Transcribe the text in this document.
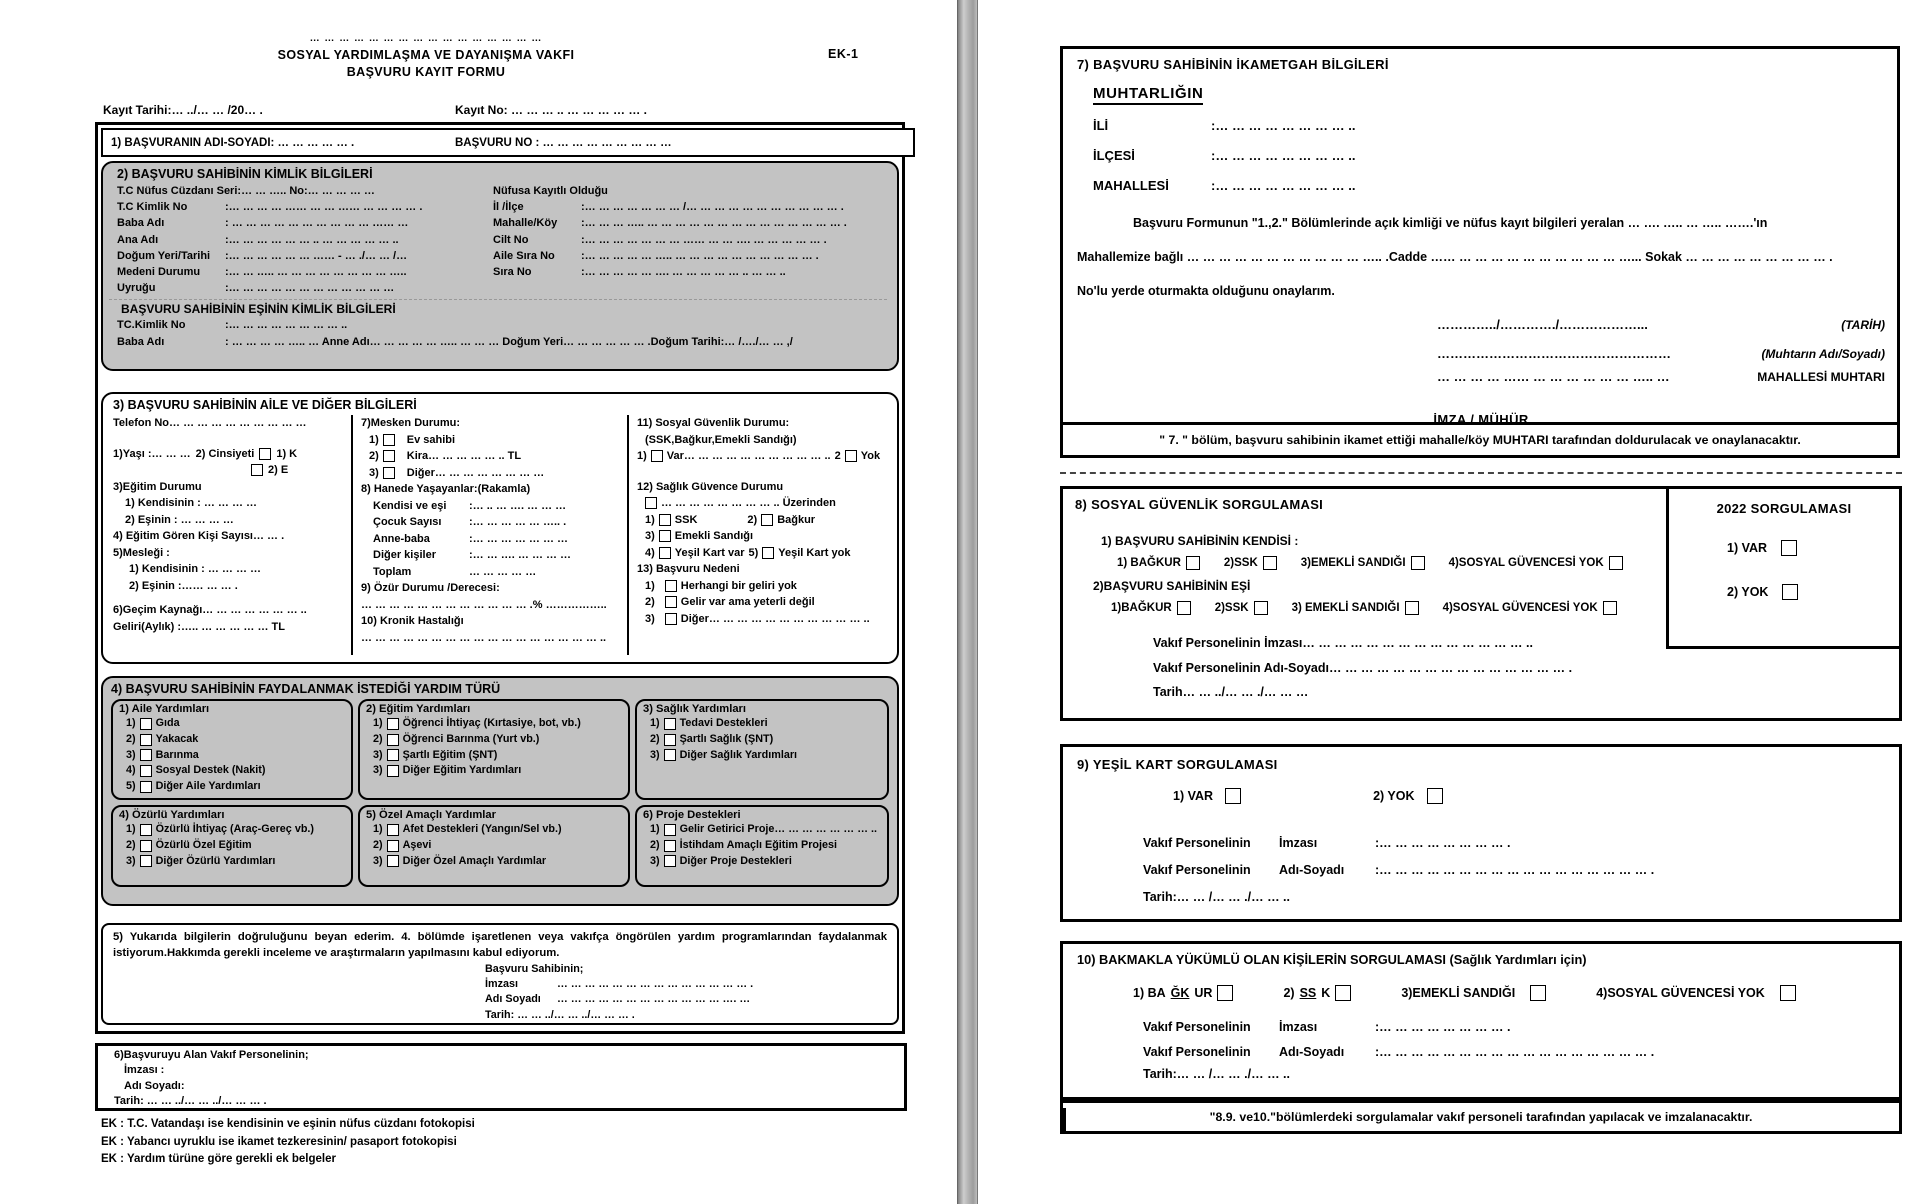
… … … … … … … … … … … … … … … …
SOSYAL YARDIMLAŞMA VE DAYANIŞMA VAKFI
BAŞVURU KAYIT FORMU
EK-1
Kayıt Tarihi:… ../… … /20… .	Kayıt No: … … … .. … … … … … .
1) BAŞVURANIN ADI-SOYADI: … … … … … .	BAŞVURU NO : … … … … … … … … …
2) BAŞVURU SAHİBİNİN KİMLİK BİLGİLERİ
T.C Nüfus Cüzdanı Seri :… … ….. No:… … … … …
T.C Kimlik No	:… … … … …… … … …… … … … … .
Baba Adı	: … … … … … … … … … … …… …
Ana Adı	:… … … … … … .. … … … … … ..
Doğum Yeri/Tarihi	:… … … … … … …… - … ./… … /…
Medeni Durumu	:… … ….. … … … … … … … … …..
Uyruğu	:… … … … … … … … … … … …
Nüfusa Kayıtlı Olduğu
İl /İlçe	:… … … … … … … /… … … … … … … … … … … .
Mahalle/Köy	:… … … ….. … … … … … … … … … … … … … … .
Cilt No	:… … … … … … … …… … … …. … … … … … .
Aile Sıra No	:… … … … … ….. … … … … … … … … … … .
Sıra No	:… … … … … …. … … … … … .. … … ..
BAŞVURU SAHİBİNİN EŞİNİN KİMLİK BİLGİLERİ
TC.Kimlik No	:… … … … … … … … ..
Baba Adı	: … … … … ….. … Anne Adı… … … … … ….. … … … Doğum Yeri… … … … … … .Doğum Tarihi:… /…./… … ,/
3) BAŞVURU SAHİBİNİN AİLE VE DİĞER BİLGİLERİ
Telefon No… … … … … … … … … …
1)Yaşı :… … … 2) Cinsiyeti 1) K
2) E
3)Eğitim Durumu
1) Kendisinin : … … … …
2) Eşinin : … … … …
4) Eğitim Gören Kişi Sayısı… … .
5)Mesleği :
1) Kendisinin : … … … …
2) Eşinin :…… … … .
6)Geçim Kaynağı… … … … … … … ..
Geliri(Aylık) :….. … … … … … TL
7)Mesken Durumu:
1)	Ev sahibi
2)	Kira… … … … … .. TL
3)	Diğer… … … … … … … …
8) Hanede Yaşayanlar:(Rakamla)
Kendisi ve eşi	:… .. … …. … … …
Çocuk Sayısı	:… … … … … ….. .
Anne-baba	:… … … … … … …
Diğer kişiler	:… … …. … … … …
Toplam	… … … … …
9) Özür Durumu /Derecesi:
… … … … … … … … … … … … .% ……………..
10) Kronik Hastalığı
… … … … … … … … … … … … … … … … … ..
11) Sosyal Güvenlik Durumu:
(SSK,Bağkur,Emekli Sandığı)
1) Var… … … … … … … … … … .. 2 Yok
12) Sağlık Güvence Durumu
… … … … … … … … .. Üzerinden
1) SSK	2) Bağkur
3) Emekli Sandığı
4) Yeşil Kart var 5) Yeşil Kart yok
13) Başvuru Nedeni
1) Herhangi bir geliri yok
2) Gelir var ama yeterli değil
3) Diğer… … … … … … … … … … … ..
4) BAŞVURU SAHİBİNİN FAYDALANMAK İSTEDİĞİ YARDIM TÜRÜ
1) Aile Yardımları
1) Gıda
2) Yakacak
3) Barınma
4) Sosyal Destek (Nakit)
5) Diğer Aile Yardımları
2) Eğitim Yardımları
1) Öğrenci İhtiyaç (Kırtasiye, bot, vb.)
2) Öğrenci Barınma (Yurt vb.)
3) Şartlı Eğitim (ŞNT)
3) Diğer Eğitim Yardımları
3) Sağlık Yardımları
1) Tedavi Destekleri
2) Şartlı Sağlık (ŞNT)
3) Diğer Sağlık Yardımları
4) Özürlü Yardımları
1) Özürlü İhtiyaç (Araç-Gereç vb.)
2) Özürlü Özel Eğitim
3) Diğer Özürlü Yardımları
5) Özel Amaçlı Yardımlar
1) Afet Destekleri (Yangın/Sel vb.)
2) Aşevi
3) Diğer Özel Amaçlı Yardımlar
6) Proje Destekleri
1) Gelir Getirici Proje… … … … … … … ..
2) İstihdam Amaçlı Eğitim Projesi
3) Diğer Proje Destekleri
5) Yukarıda bilgilerin doğruluğunu beyan ederim. 4. bölümde işaretlenen veya vakıfça öngörülen yardım programlarından faydalanmak istiyorum.Hakkımda gerekli inceleme ve araştırmaların yapılmasını kabul ediyorum.
Başvuru Sahibinin;
İmzası	… … … … … … … … … … … … … … .
Adı Soyadı	… … … … … … … … … … … … …. …
Tarih: … … ../… … ../… … … .
6)Başvuruyu Alan Vakıf Personelinin;
İmzası :
Adı Soyadı:
Tarih: … … ../… … ../… … … .
EK : T.C. Vatandaşı ise kendisinin ve eşinin nüfus cüzdanı fotokopisi
EK : Yabancı uyruklu ise ikamet tezkeresinin/ pasaport fotokopisi
EK : Yardım türüne göre gerekli ek belgeler
7) BAŞVURU SAHİBİNİN İKAMETGAH BİLGİLERİ
MUHTARLIĞIN
İLİ	:… … … … … … … … ..
İLÇESİ	:… … … … … … … … ..
MAHALLESİ	:… … … … … … … … ..
Başvuru Formunun "1.,2." Bölümlerinde açık kimliği ve nüfus kayıt bilgileri yeralan … …. ….. … ….. …….'ın
Mahallemize bağlı … … … … … … … … … … … ….. .Cadde …… … … … … … … … … … … …... Sokak … … … … … … … … … .
No'lu yerde oturmakta olduğunu onaylarım.
…………../…………./………………...	(TARİH)
………………………………………………	(Muhtarın Adı/Soyadı)
… … … … …… … … … … … … ….. …	MAHALLESİ MUHTARI
İMZA / MÜHÜR
" 7. " bölüm, başvuru sahibinin ikamet ettiği mahalle/köy MUHTARI tarafından doldurulacak ve onaylanacaktır.
8) SOSYAL GÜVENLİK SORGULAMASI	2022 SORGULAMASI
1) VAR
2) YOK
1) BAŞVURU SAHİBİNİN KENDİSİ :
1) BAĞKUR	2)SSK	3)EMEKLİ SANDIĞI	4)SOSYAL GÜVENCESİ YOK
2)BAŞVURU SAHİBİNİN EŞİ
1)BAĞKUR	2)SSK	3) EMEKLİ SANDIĞI	4)SOSYAL GÜVENCESİ YOK
Vakıf Personelinin İmzası… … … … … … … … … … … … … … ..
Vakıf Personelinin Adı-Soyadı… … … … … … … … … … … … … … … .
Tarih… … ../… … ./… … …
9) YEŞİL KART SORGULAMASI
1) VAR	2) YOK
Vakıf Personelinin İmzası	:… … … … … … … … .
Vakıf Personelinin Adı-Soyadı :… … … … … … … … … … … … … … … … … .
Tarih:… … /… … ./… … ..
10) BAKMAKLA YÜKÜMLÜ OLAN KİŞİLERİN SORGULAMASI (Sağlık Yardımları için)
1) BA ĞK UR	2) SS K	3)EMEKLİ SANDIĞI	4)SOSYAL GÜVENCESİ YOK
Vakıf Personelinin İmzası	:… … … … … … … … .
Vakıf Personelinin Adı-Soyadı :… … … … … … … … … … … … … … … … … .
Tarih:… … /… … ./… … ..
"8.9. ve10." bölümlerdeki sorgulamalar vakıf personeli tarafından yapılacak ve imzalanacaktır.
